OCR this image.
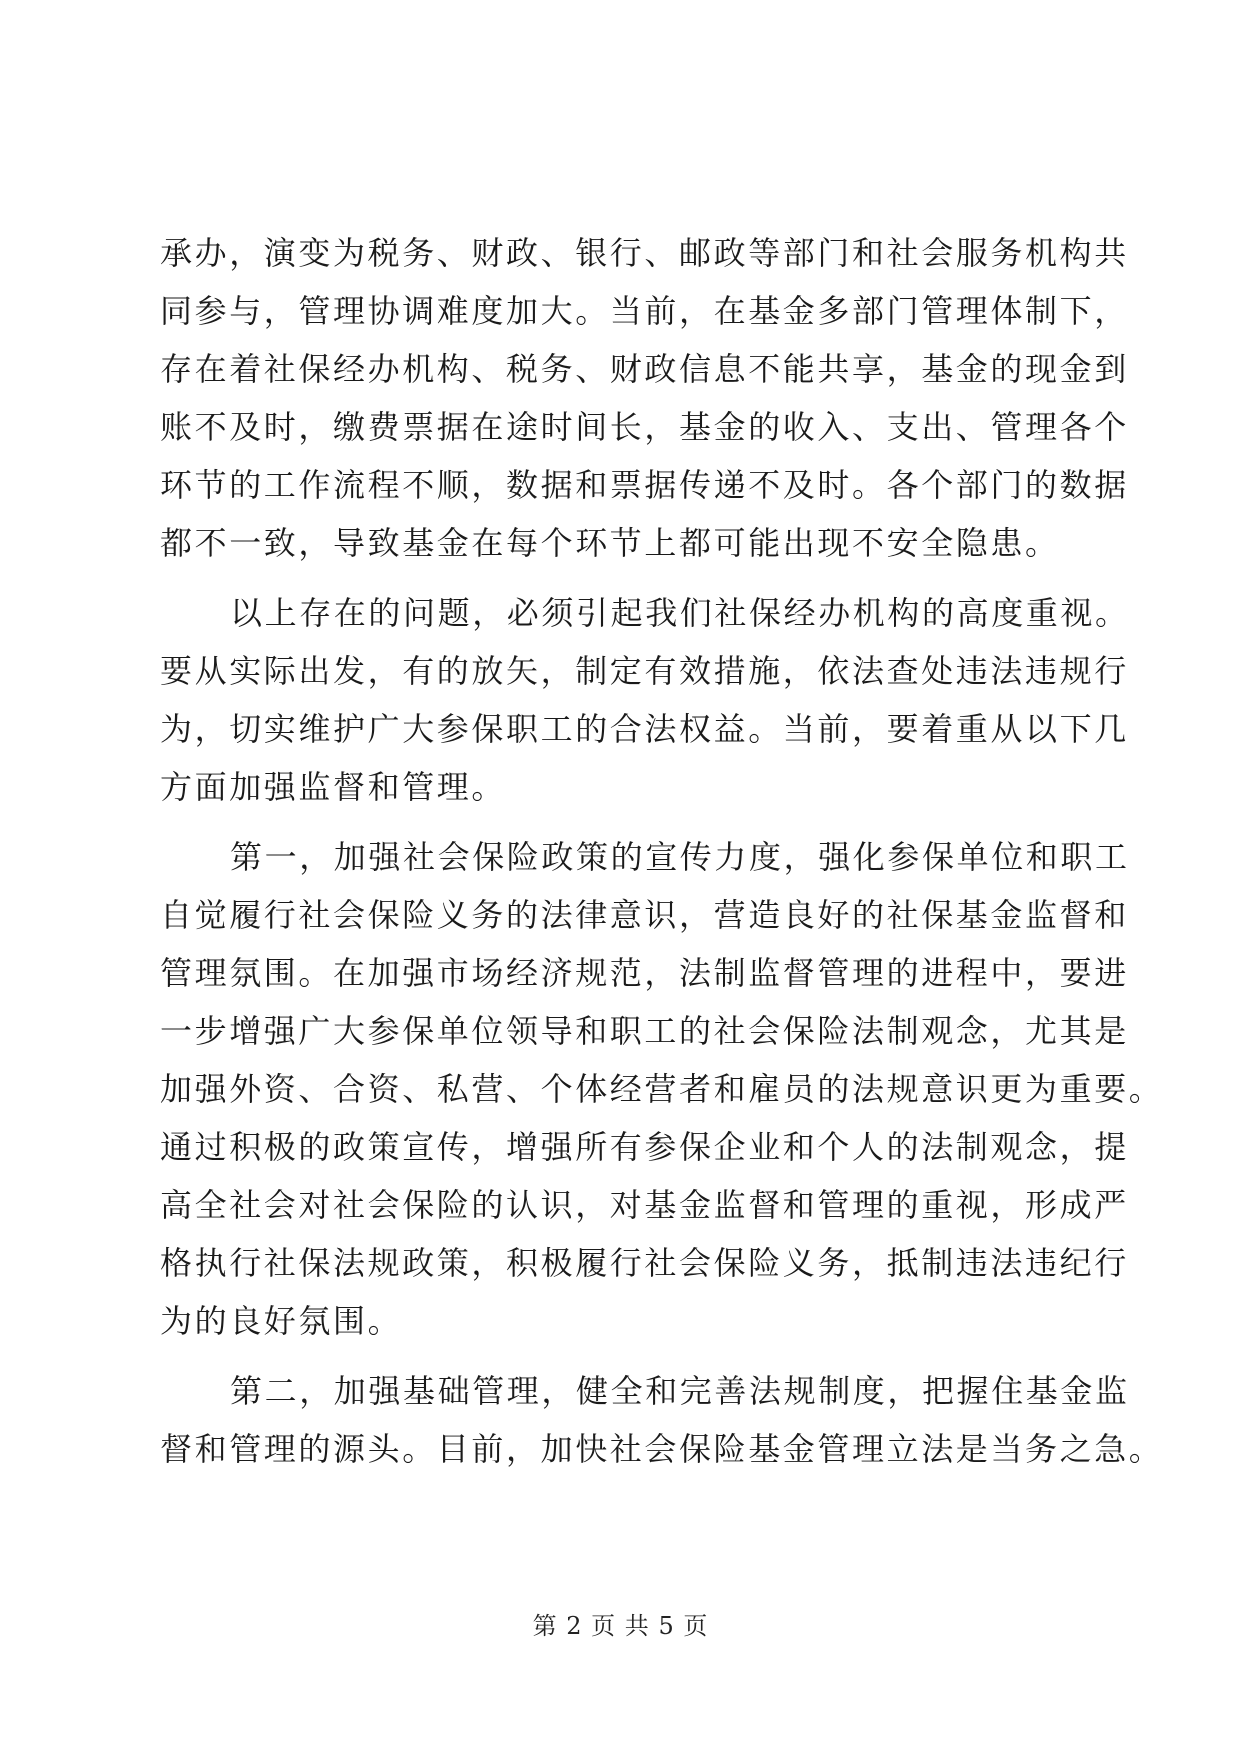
承办，演变为税务、财政、银行、邮政等部门和社会服务机构共
同参与，管理协调难度加大。当前，在基金多部门管理体制下，
存在着社保经办机构、税务、财政信息不能共享，基金的现金到
账不及时，缴费票据在途时间长，基金的收入、支出、管理各个
环节的工作流程不顺，数据和票据传递不及时。各个部门的数据
都不一致，导致基金在每个环节上都可能出现不安全隐患。
以上存在的问题，必须引起我们社保经办机构的高度重视。
要从实际出发，有的放矢，制定有效措施，依法查处违法违规行
为，切实维护广大参保职工的合法权益。当前，要着重从以下几
方面加强监督和管理。
第一，加强社会保险政策的宣传力度，强化参保单位和职工
自觉履行社会保险义务的法律意识，营造良好的社保基金监督和
管理氛围。在加强市场经济规范，法制监督管理的进程中，要进
一步增强广大参保单位领导和职工的社会保险法制观念，尤其是
加强外资、合资、私营、个体经营者和雇员的法规意识更为重要。
通过积极的政策宣传，增强所有参保企业和个人的法制观念，提
高全社会对社会保险的认识，对基金监督和管理的重视，形成严
格执行社保法规政策，积极履行社会保险义务，抵制违法违纪行
为的良好氛围。
第二，加强基础管理，健全和完善法规制度，把握住基金监
督和管理的源头。目前，加快社会保险基金管理立法是当务之急。
第 2 页 共 5 页
